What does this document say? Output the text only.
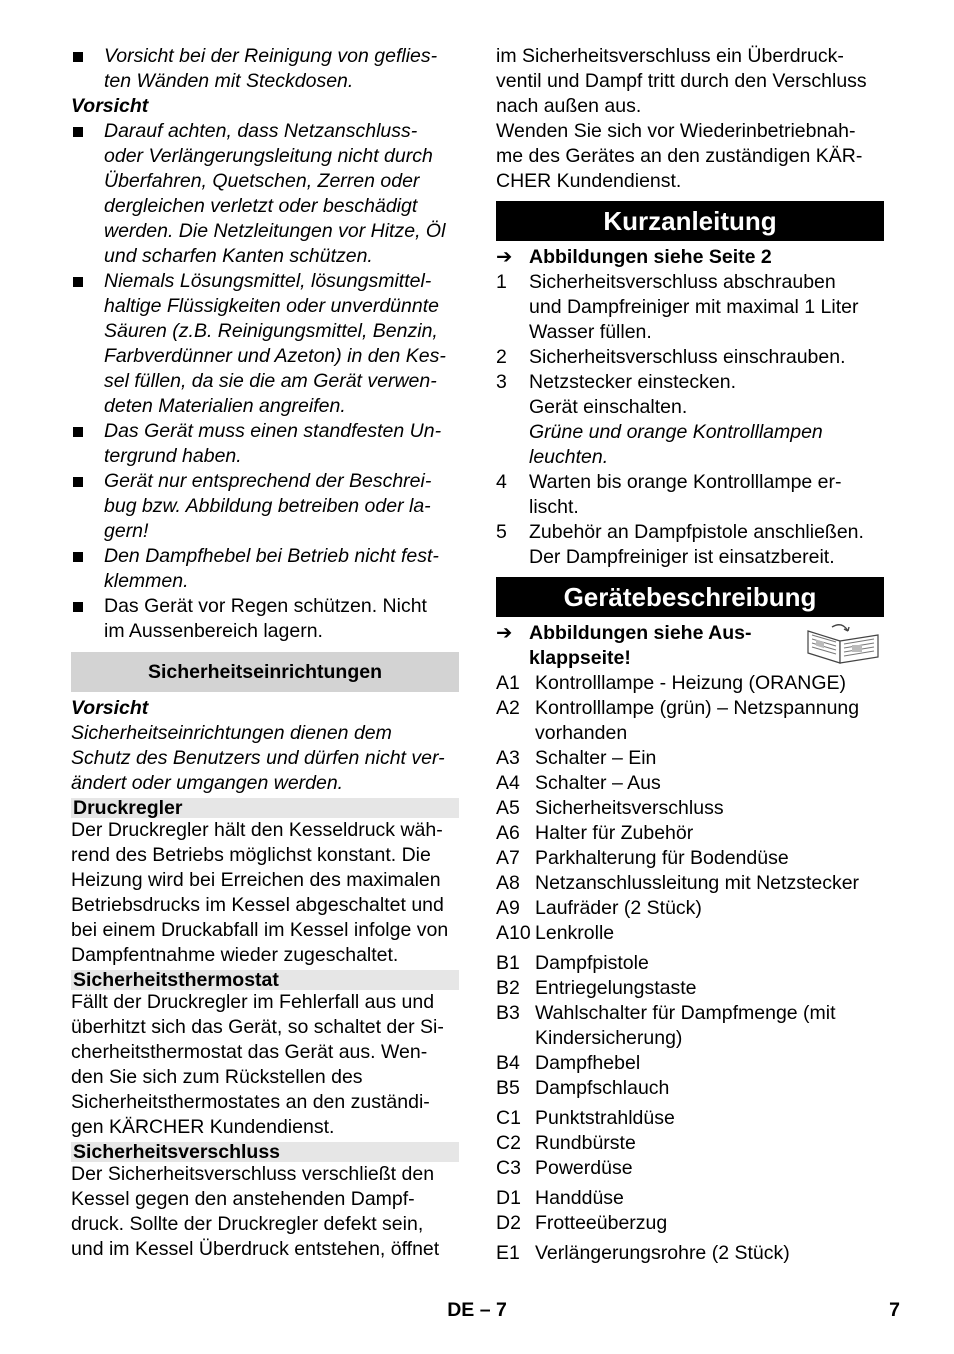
Vorsicht bei der Reinigung von geflies-
ten Wänden mit Steckdosen.
Vorsicht
Darauf achten, dass Netzanschluss-
oder Verlängerungsleitung nicht durch
Überfahren, Quetschen, Zerren oder
dergleichen verletzt oder beschädigt
werden. Die Netzleitungen vor Hitze, Öl
und scharfen Kanten schützen.
Niemals Lösungsmittel, lösungsmittel-
haltige Flüssigkeiten oder unverdünnte
Säuren (z.B. Reinigungsmittel, Benzin,
Farbverdünner und Azeton) in den Kes-
sel füllen, da sie die am Gerät verwen-
deten Materialien angreifen.
Das Gerät muss einen standfesten Un-
tergrund haben.
Gerät nur entsprechend der Beschrei-
bug bzw. Abbildung betreiben oder la-
gern!
Den Dampfhebel bei Betrieb nicht fest-
klemmen.
Das Gerät vor Regen schützen. Nicht
im Aussenbereich lagern.
Sicherheitseinrichtungen
Vorsicht

Sicherheitseinrichtungen dienen dem
Schutz des Benutzers und dürfen nicht ver-
ändert oder umgangen werden.

Druckregler

Der Druckregler hält den Kesseldruck wäh-
rend des Betriebs möglichst konstant. Die
Heizung wird bei Erreichen des maximalen
Betriebsdrucks im Kessel abgeschaltet und
bei einem Druckabfall im Kessel infolge von
Dampfentnahme wieder zugeschaltet.

Sicherheitsthermostat

Fällt der Druckregler im Fehlerfall aus und
überhitzt sich das Gerät, so schaltet der Si-
cherheitsthermostat das Gerät aus. Wen-
den Sie sich zum Rückstellen des
Sicherheitsthermostates an den zuständi-
gen KÄRCHER Kundendienst.

Sicherheitsverschluss

Der Sicherheitsverschluss verschließt den
Kessel gegen den anstehenden Dampf-
druck. Sollte der Druckregler defekt sein,
und im Kessel Überdruck entstehen, öffnet

im Sicherheitsverschluss ein Überdruck-
ventil und Dampf tritt durch den Verschluss
nach außen aus.
Wenden Sie sich vor Wiederinbetriebnah-
me des Gerätes an den zuständigen KÄR-
CHER Kundendienst.

Kurzanleitung
➔ Abbildungen siehe Seite 2
1 Sicherheitsverschluss abschrauben
und Dampfreiniger mit maximal 1 Liter
Wasser füllen.
2 Sicherheitsverschluss einschrauben.
3 Netzstecker einstecken.
Gerät einschalten.
Grüne und orange Kontrolllampen
leuchten.
4 Warten bis orange Kontrolllampe er-
lischt.
5 Zubehör an Dampfpistole anschließen.
Der Dampfreiniger ist einsatzbereit.
Gerätebeschreibung
➔ Abbildungen siehe Aus-
klappseite!
A1 Kontrolllampe - Heizung (ORANGE)
A2 Kontrolllampe (grün) – Netzspannung
vorhanden
A3 Schalter – Ein
A4 Schalter – Aus
A5 Sicherheitsverschluss
A6 Halter für Zubehör
A7 Parkhalterung für Bodendüse
A8 Netzanschlussleitung mit Netzstecker
A9 Laufräder (2 Stück)
A10 Lenkrolle
B1 Dampfpistole
B2 Entriegelungstaste
B3 Wahlschalter für Dampfmenge (mit
Kindersicherung)
B4 Dampfhebel
B5 Dampfschlauch
C1 Punktstrahldüse
C2 Rundbürste
C3 Powerdüse
D1 Handdüse
D2 Frotteeüberzug
E1 Verlängerungsrohre (2 Stück)
DE – 7	7
